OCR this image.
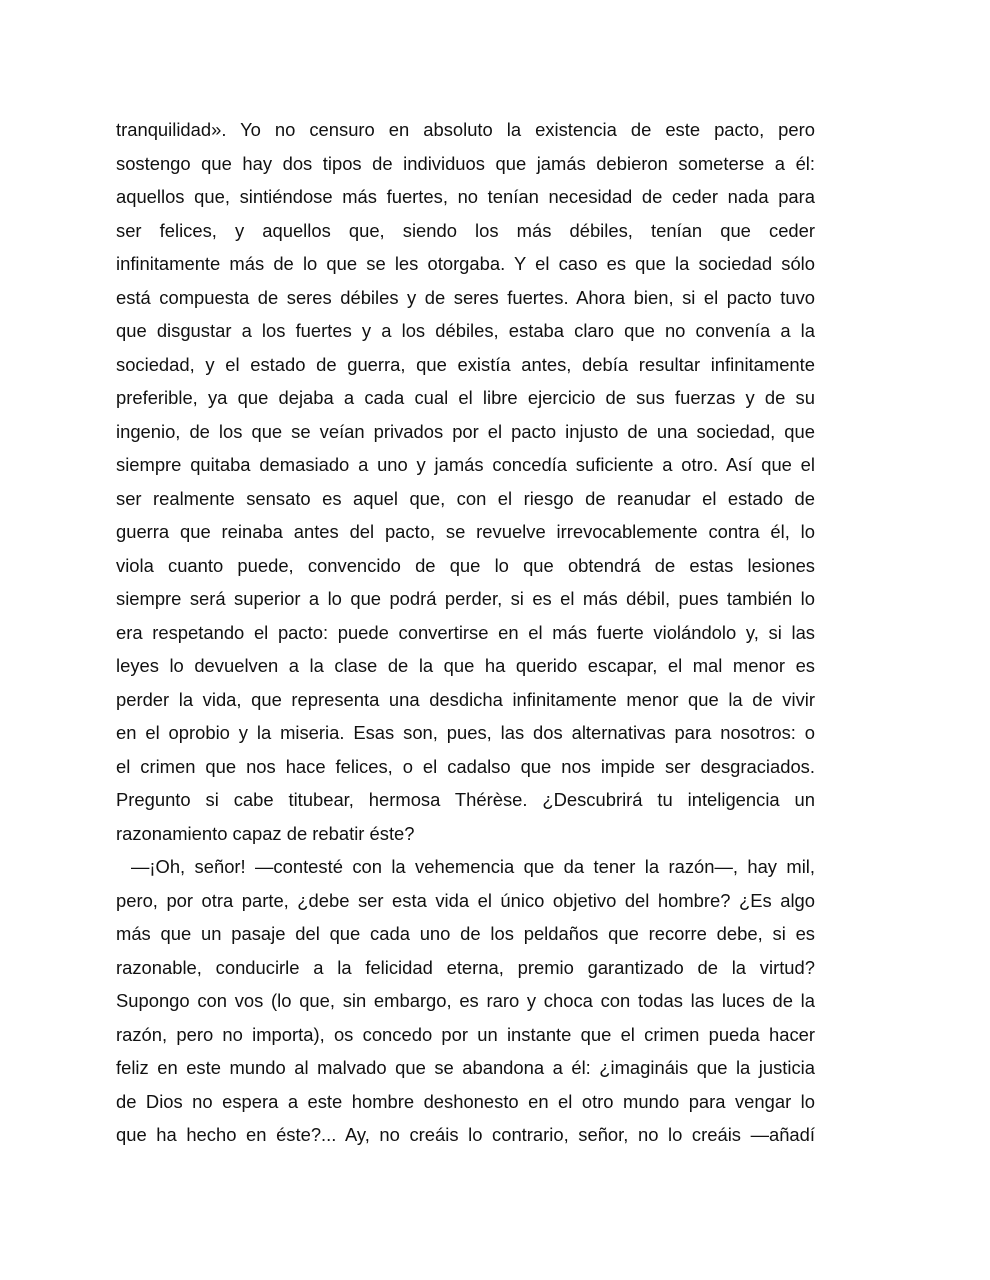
tranquilidad». Yo no censuro en absoluto la existencia de este pacto, pero
sostengo que hay dos tipos de individuos que jamás debieron someterse a él:
aquellos que, sintiéndose más fuertes, no tenían necesidad de ceder nada para
ser felices, y aquellos que, siendo los más débiles, tenían que ceder
infinitamente más de lo que se les otorgaba. Y el caso es que la sociedad sólo
está compuesta de seres débiles y de seres fuertes. Ahora bien, si el pacto tuvo
que disgustar a los fuertes y a los débiles, estaba claro que no convenía a la
sociedad, y el estado de guerra, que existía antes, debía resultar infinitamente
preferible, ya que dejaba a cada cual el libre ejercicio de sus fuerzas y de su
ingenio, de los que se veían privados por el pacto injusto de una sociedad, que
siempre quitaba demasiado a uno y jamás concedía suficiente a otro. Así que el
ser realmente sensato es aquel que, con el riesgo de reanudar el estado de
guerra que reinaba antes del pacto, se revuelve irrevocablemente contra él, lo
viola cuanto puede, convencido de que lo que obtendrá de estas lesiones
siempre será superior a lo que podrá perder, si es el más débil, pues también lo
era respetando el pacto: puede convertirse en el más fuerte violándolo y, si las
leyes lo devuelven a la clase de la que ha querido escapar, el mal menor es
perder la vida, que representa una desdicha infinitamente menor que la de vivir
en el oprobio y la miseria. Esas son, pues, las dos alternativas para nosotros: o
el crimen que nos hace felices, o el cadalso que nos impide ser desgraciados.
Pregunto si cabe titubear, hermosa Thérèse. ¿Descubrirá tu inteligencia un
razonamiento capaz de rebatir éste?
—¡Oh, señor! —contesté con la vehemencia que da tener la razón—, hay mil,
pero, por otra parte, ¿debe ser esta vida el único objetivo del hombre? ¿Es algo
más que un pasaje del que cada uno de los peldaños que recorre debe, si es
razonable, conducirle a la felicidad eterna, premio garantizado de la virtud?
Supongo con vos (lo que, sin embargo, es raro y choca con todas las luces de la
razón, pero no importa), os concedo por un instante que el crimen pueda hacer
feliz en este mundo al malvado que se abandona a él: ¿imagináis que la justicia
de Dios no espera a este hombre deshonesto en el otro mundo para vengar lo
que ha hecho en éste?... Ay, no creáis lo contrario, señor, no lo creáis —añadí
